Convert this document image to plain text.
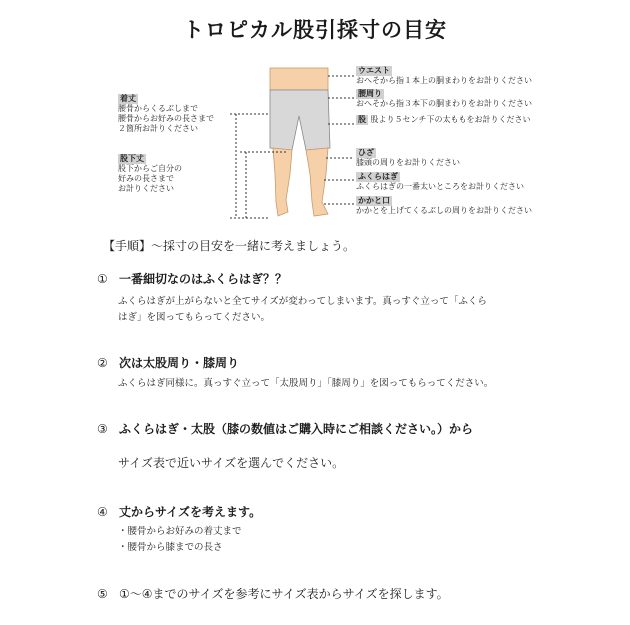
トロピカル股引採寸の目安
ウエスト
おへそから指１本上の胴まわりをお計りください
腰周り
おへそから指３本下の胴まわりをお計りください
股 股より５センチ下の太ももをお計りください
ひざ
膝頭の周りをお計りください
ふくらはぎ
ふくらはぎの一番太いところをお計りください
かかと口
かかとを上げてくるぶしの周りをお計りください
着丈
腰骨からくるぶしまで
腰骨からお好みの長さまで
２箇所お計りください
股下丈
股下からご自分の
好みの長さまで
お計りください
【手順】～採寸の目安を一緒に考えましょう。
① 一番細切なのはふくらはぎ？？
ふくらはぎが上がらないと全てサイズが変わってしまいます。真っすぐ立って「ふくら
はぎ」を図ってもらってください。
② 次は太股周り・膝周り
ふくらはぎ同様に。真っすぐ立って「太股周り」「膝周り」を図ってもらってください。
③ ふくらはぎ・太股（膝の数値はご購入時にご相談ください。）から
サイズ表で近いサイズを選んでください。
④ 丈からサイズを考えます。
・腰骨からお好みの着丈まで
・腰骨から膝までの長さ
⑤ ①～④までのサイズを参考にサイズ表からサイズを探します。
